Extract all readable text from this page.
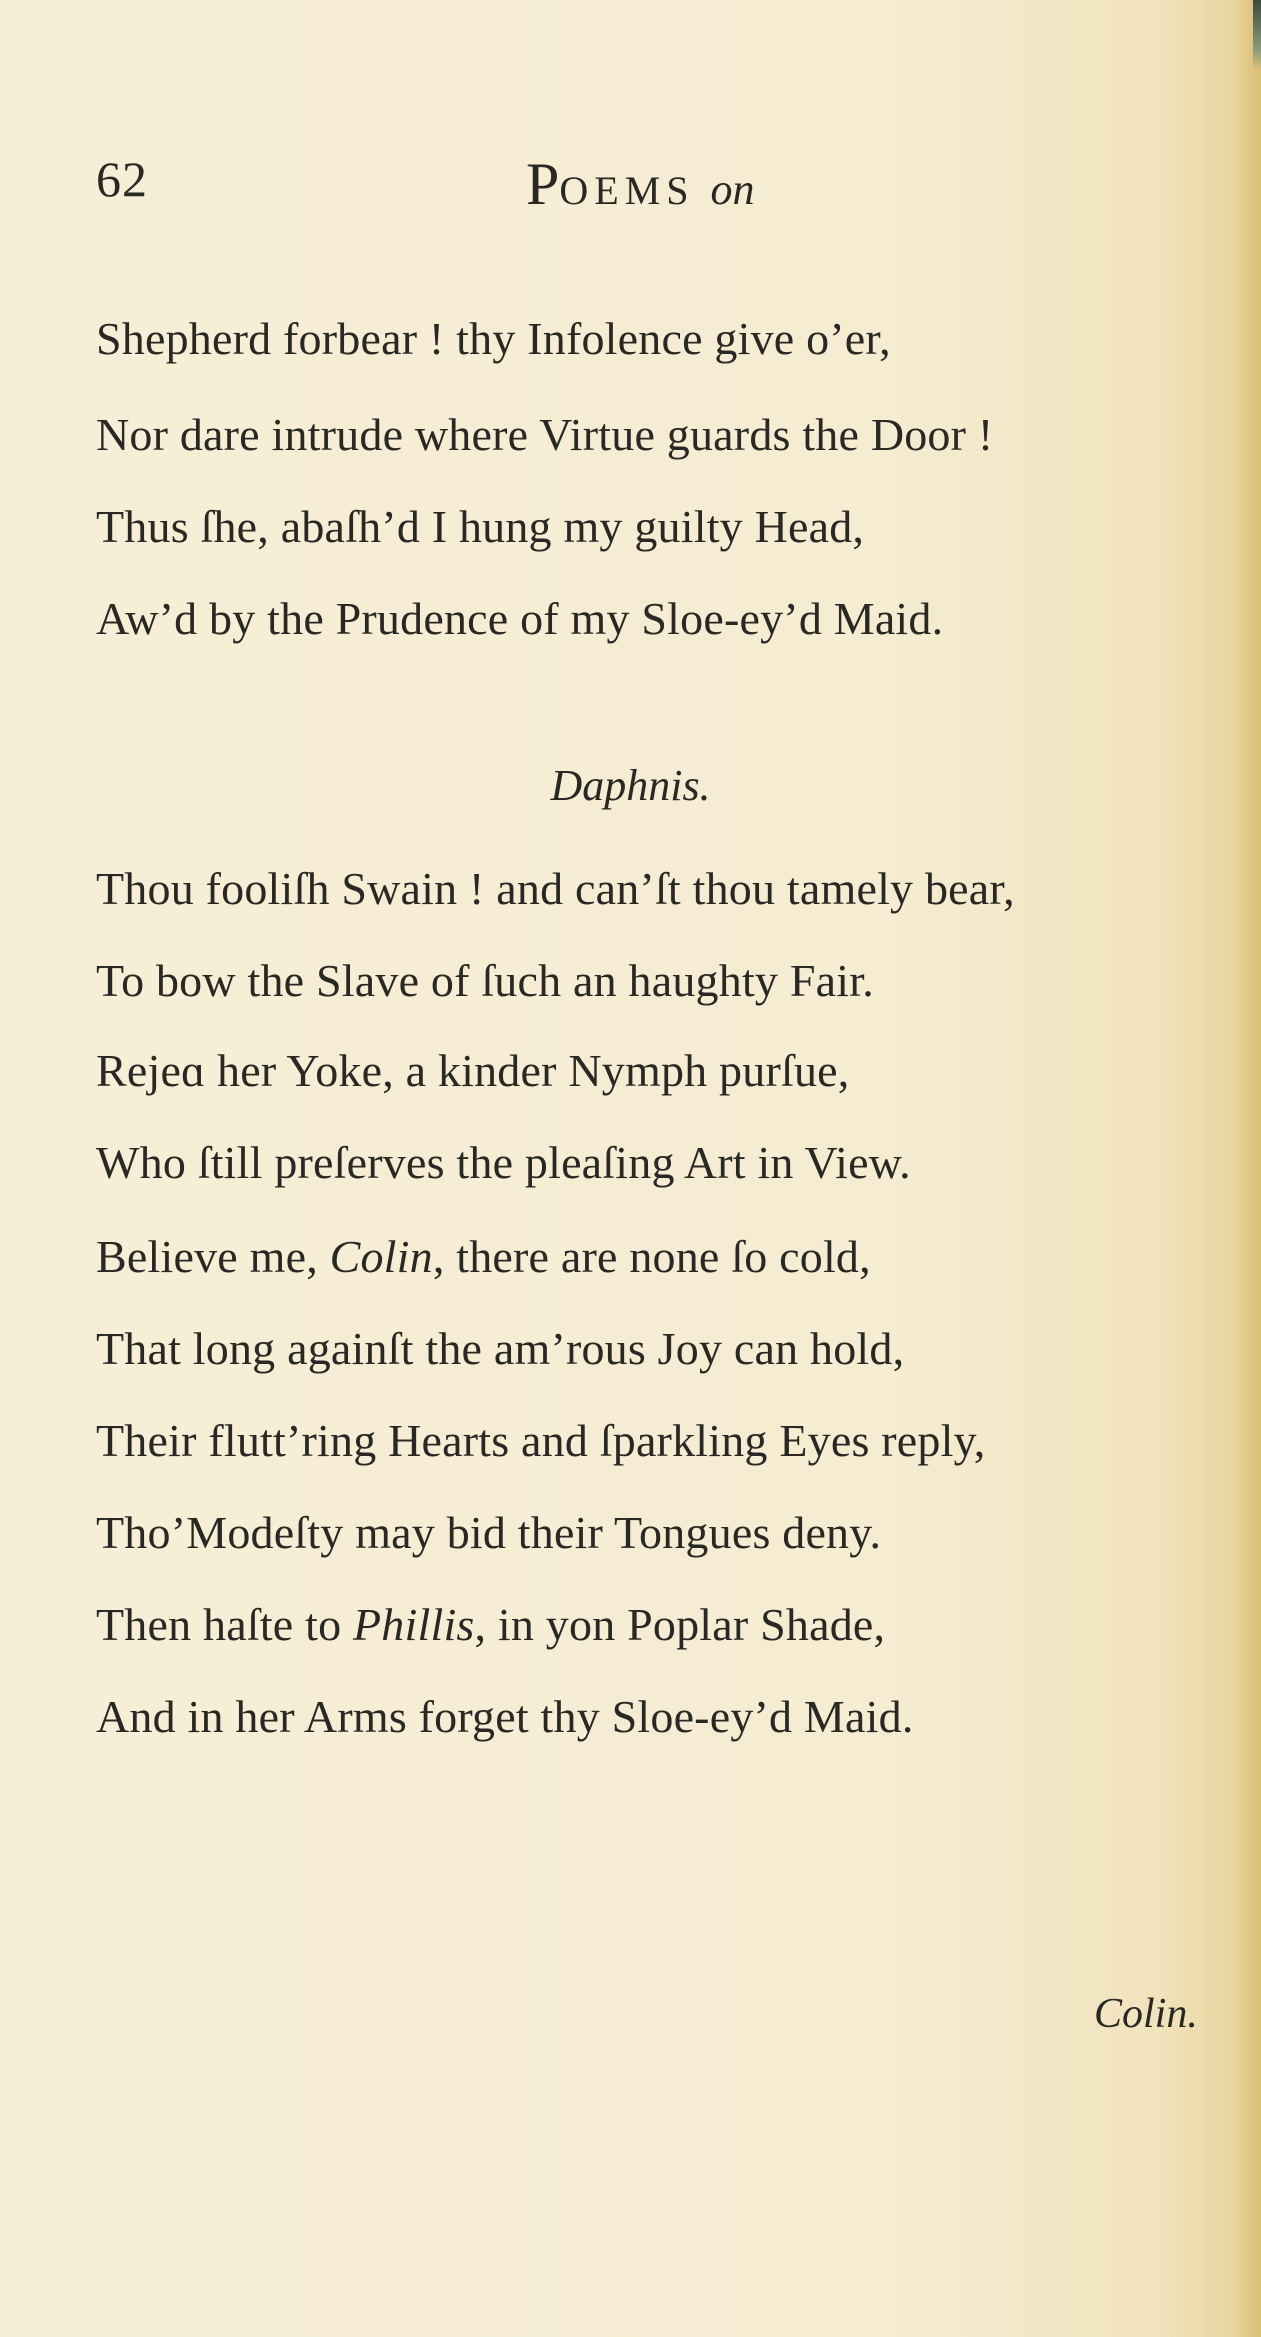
62	POEMS on
Shepherd forbear ! thy Infolence give o’er,
Nor dare intrude where Virtue guards the Door !
Thus ſhe, abaſh’d I hung my guilty Head,
Aw’d by the Prudence of my Sloe-ey’d Maid.
Daphnis.
Thou fooliſh Swain ! and can’ſt thou tamely bear,
To bow the Slave of ſuch an haughty Fair.
Rejeɑ her Yoke, a kinder Nymph purſue,
Who ſtill preſerves the pleaſing Art in View.
Believe me, Colin, there are none ſo cold,
That long againſt the am’rous Joy can hold,
Their flutt’ring Hearts and ſparkling Eyes reply,
Tho’Modeſty may bid their Tongues deny.
Then haſte to Phillis, in yon Poplar Shade,
And in her Arms forget thy Sloe-ey’d Maid.
Colin.
